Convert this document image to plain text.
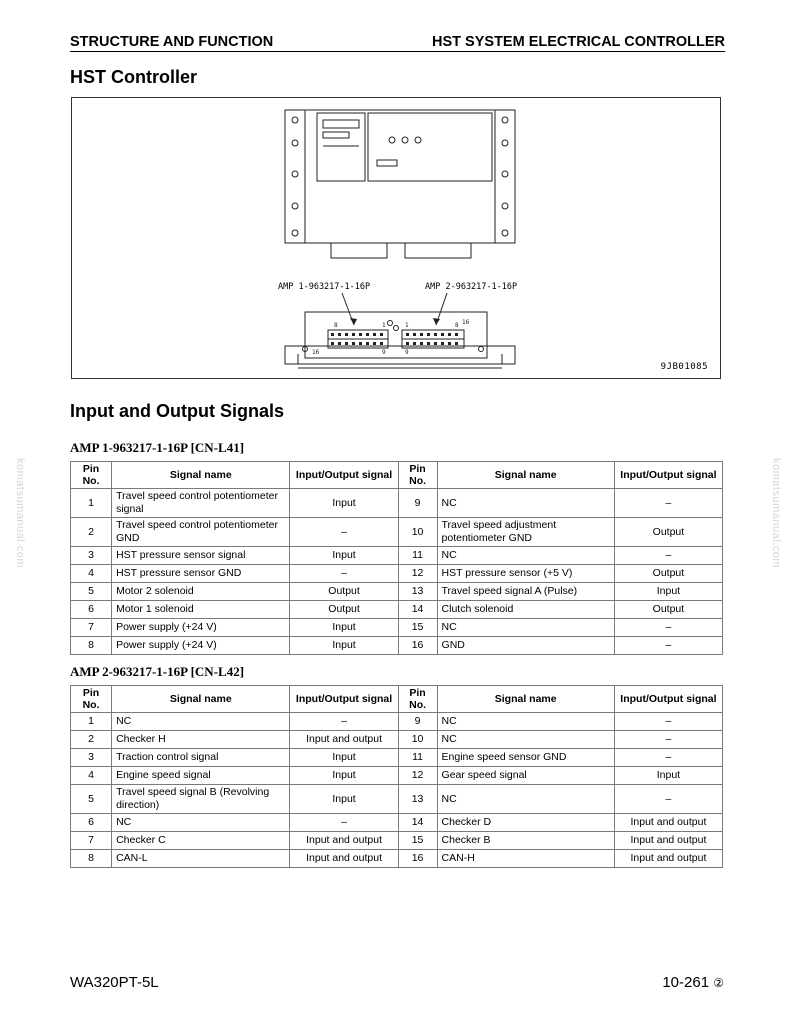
STRUCTURE AND FUNCTION	HST SYSTEM ELECTRICAL CONTROLLER
HST Controller
8	1
16	9
1	8
9
16
AMP 1-963217-1-16P	AMP 2-963217-1-16P
9JB01085
Input and Output Signals
AMP 1-963217-1-16P [CN-L41]
Pin No.	Signal name	Input/Output signal	Pin No.	Signal name	Input/Output signal
1	Travel speed control potentiometer signal	Input	9	NC	–
2	Travel speed control potentiometer GND	–	10	Travel speed adjustment potentiometer GND	Output
3	HST pressure sensor signal	Input	11	NC	–
4	HST pressure sensor GND	–	12	HST pressure sensor (+5 V)	Output
5	Motor 2 solenoid	Output	13	Travel speed signal A (Pulse)	Input
6	Motor 1 solenoid	Output	14	Clutch solenoid	Output
7	Power supply (+24 V)	Input	15	NC	–
8	Power supply (+24 V)	Input	16	GND	–
AMP 2-963217-1-16P [CN-L42]
Pin No.	Signal name	Input/Output signal	Pin No.	Signal name	Input/Output signal
1	NC	–	9	NC	–
2	Checker H	Input and output	10	NC	–
3	Traction control signal	Input	11	Engine speed sensor GND	–
4	Engine speed signal	Input	12	Gear speed signal	Input
5	Travel speed signal B (Revolving direction)	Input	13	NC	–
6	NC	–	14	Checker D	Input and output
7	Checker C	Input and output	15	Checker B	Input and output
8	CAN-L	Input and output	16	CAN-H	Input and output
komatsumanual.com	komatsumanual.com
WA320PT-5L	10-261 ②
